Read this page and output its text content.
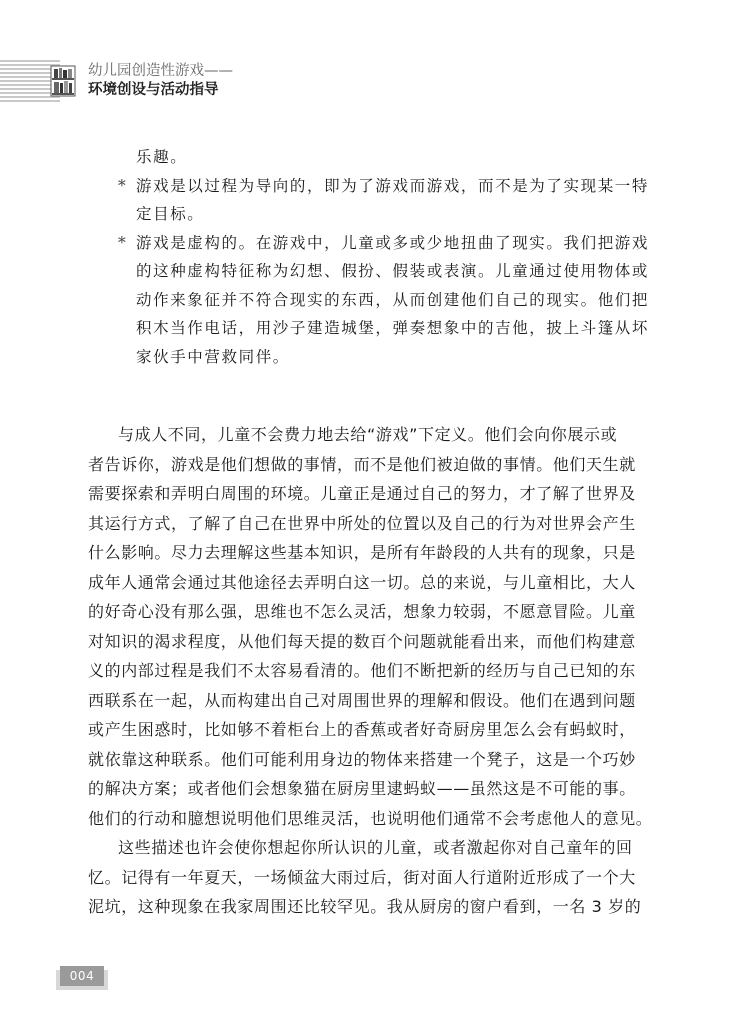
幼儿园创造性游戏——
环境创设与活动指导
乐趣。
* 游戏是以过程为导向的，即为了游戏而游戏，而不是为了实现某一特
定目标。
* 游戏是虚构的。在游戏中，儿童或多或少地扭曲了现实。我们把游戏
的这种虚构特征称为幻想、假扮、假装或表演。儿童通过使用物体或
动作来象征并不符合现实的东西，从而创建他们自己的现实。他们把
积木当作电话，用沙子建造城堡，弹奏想象中的吉他，披上斗篷从坏
家伙手中营救同伴。
与成人不同，儿童不会费力地去给“游戏”下定义。他们会向你展示或
者告诉你，游戏是他们想做的事情，而不是他们被迫做的事情。他们天生就
需要探索和弄明白周围的环境。儿童正是通过自己的努力，才了解了世界及
其运行方式，了解了自己在世界中所处的位置以及自己的行为对世界会产生
什么影响。尽力去理解这些基本知识，是所有年龄段的人共有的现象，只是
成年人通常会通过其他途径去弄明白这一切。总的来说，与儿童相比，大人
的好奇心没有那么强，思维也不怎么灵活，想象力较弱，不愿意冒险。儿童
对知识的渴求程度，从他们每天提的数百个问题就能看出来，而他们构建意
义的内部过程是我们不太容易看清的。他们不断把新的经历与自己已知的东
西联系在一起，从而构建出自己对周围世界的理解和假设。他们在遇到问题
或产生困惑时，比如够不着柜台上的香蕉或者好奇厨房里怎么会有蚂蚁时，
就依靠这种联系。他们可能利用身边的物体来搭建一个凳子，这是一个巧妙
的解决方案；或者他们会想象猫在厨房里逮蚂蚁——虽然这是不可能的事。
他们的行动和臆想说明他们思维灵活，也说明他们通常不会考虑他人的意见。
这些描述也许会使你想起你所认识的儿童，或者激起你对自己童年的回
忆。记得有一年夏天，一场倾盆大雨过后，街对面人行道附近形成了一个大
泥坑，这种现象在我家周围还比较罕见。我从厨房的窗户看到，一名 3 岁的
004
